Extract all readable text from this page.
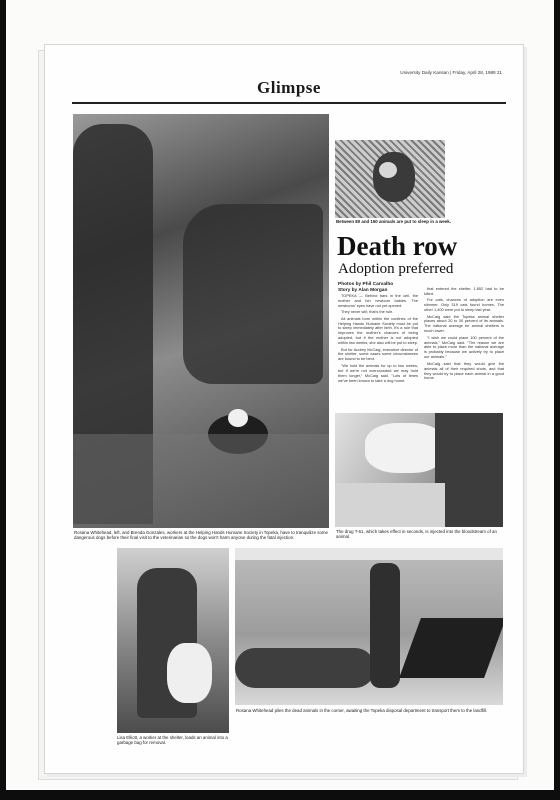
University Daily Kansan | Friday, April 28, 1989 21
Glimpse
Rosana Whitehead, left, and Brenda Gonzales, workers at the Helping Hands Humane Society in Topeka, have to tranquilize some dangerous dogs before their final visit to the veterinarian so the dogs won't harm anyone during the fatal injection.
Between 80 and 150 animals are put to sleep in a week.
Death row
Adoption preferred
Photos by Phil Carvalho
Story by Alan Morgan

TOPEKA — Behind bars in the cell, the mother and her newborn babies. The newborns' eyes have not yet opened.

They never will; that's the rule.

All animals born within the confines of the Helping Hands Humane Society must be put to sleep immediately after birth. It's a rule that improves the mother's chances of being adopted, but if the mother is not adopted within two weeks, she also will be put to sleep.

But for Audrey McCaig, executive director of the shelter, some cases some circumstances are bound to be bent.

"We hold the animals for up to two weeks, but if we're not overcrowded we may hold them longer," McCaig said. "Lots of times we've been known to take a dog home.

that entered the shelter, 1,852 had to be killed.

For cats, chances of adoption are even slimmer. Only 319 cats found homes. The other 1,400 were put to sleep last year.

McCaig said the Topeka animal shelter places about 20 to 30 percent of its animals. The national average for animal shelters is much lower.

"I wish we could place 100 percent of the animals," McCaig said. "The reason we are able to place more than the national average is probably because we actively try to place our animals."

McCaig said that they would give the animals all of their required shots, and that they would try to place each animal in a good home.

The drug T-61, which takes effect in seconds, is injected into the bloodstream of an animal.
Lisa Elliott, a worker at the shelter, loads an animal into a garbage bag for removal.
Rosana Whitehead piles the dead animals in the corner, awaiting the Topeka disposal department to transport them to the landfill.
